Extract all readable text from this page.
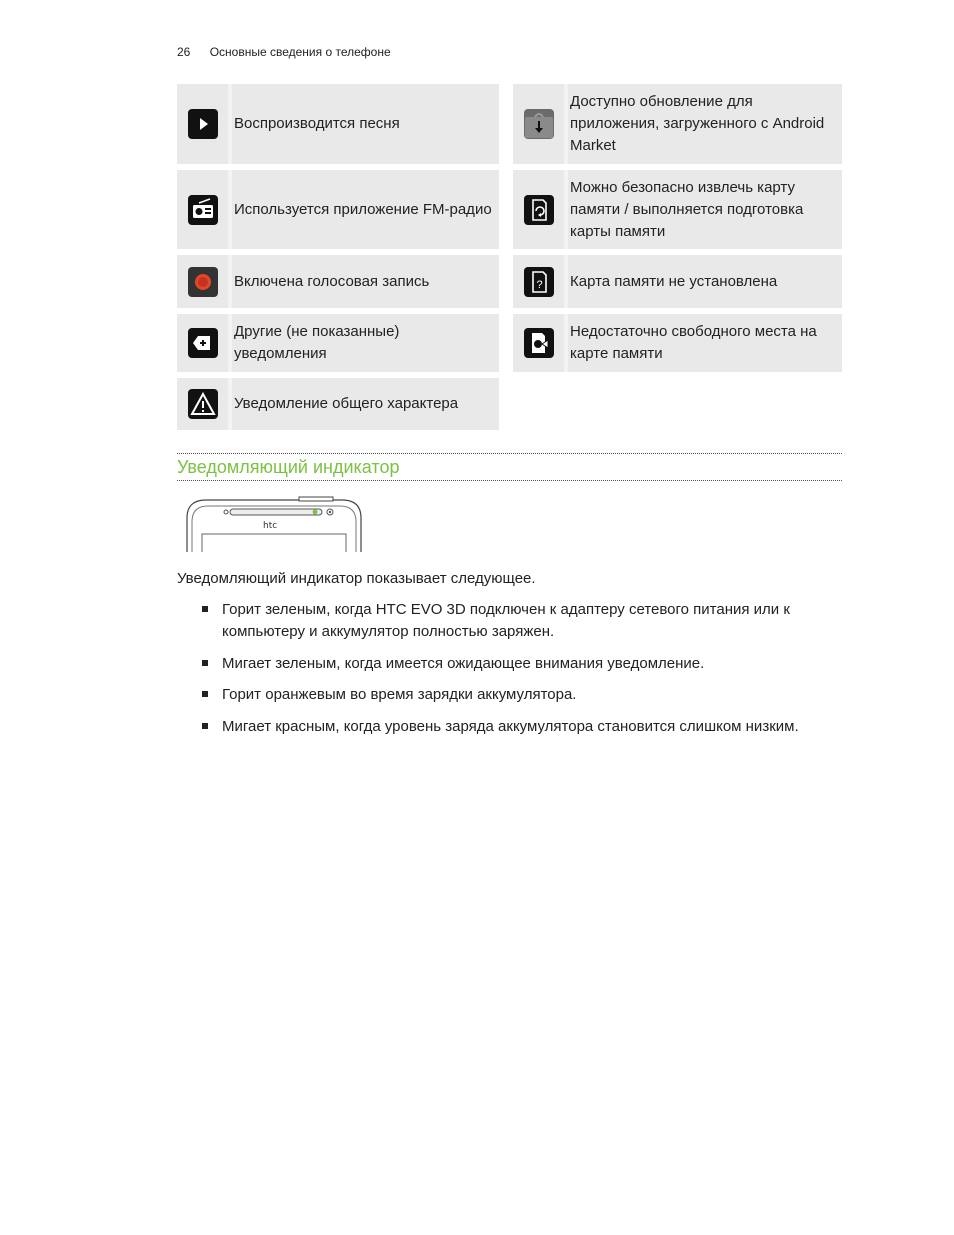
26 Основные сведения о телефоне
	Воспроизводится песня			Доступно обновление для приложения, загруженного с Android Market

	Используется приложение FM-радио			Можно безопасно извлечь карту памяти / выполняется подготовка карты памяти

	Включена голосовая запись		?	Карта памяти не установлена

	Другие (не показанные) уведомления			Недостаточно свободного места на карте памяти

	Уведомление общего характера			
Уведомляющий индикатор
htc
Уведомляющий индикатор показывает следующее.
Горит зеленым, когда HTC EVO 3D подключен к адаптеру сетевого питания или к компьютеру и аккумулятор полностью заряжен.
Мигает зеленым, когда имеется ожидающее внимания уведомление.
Горит оранжевым во время зарядки аккумулятора.
Мигает красным, когда уровень заряда аккумулятора становится слишком низким.
